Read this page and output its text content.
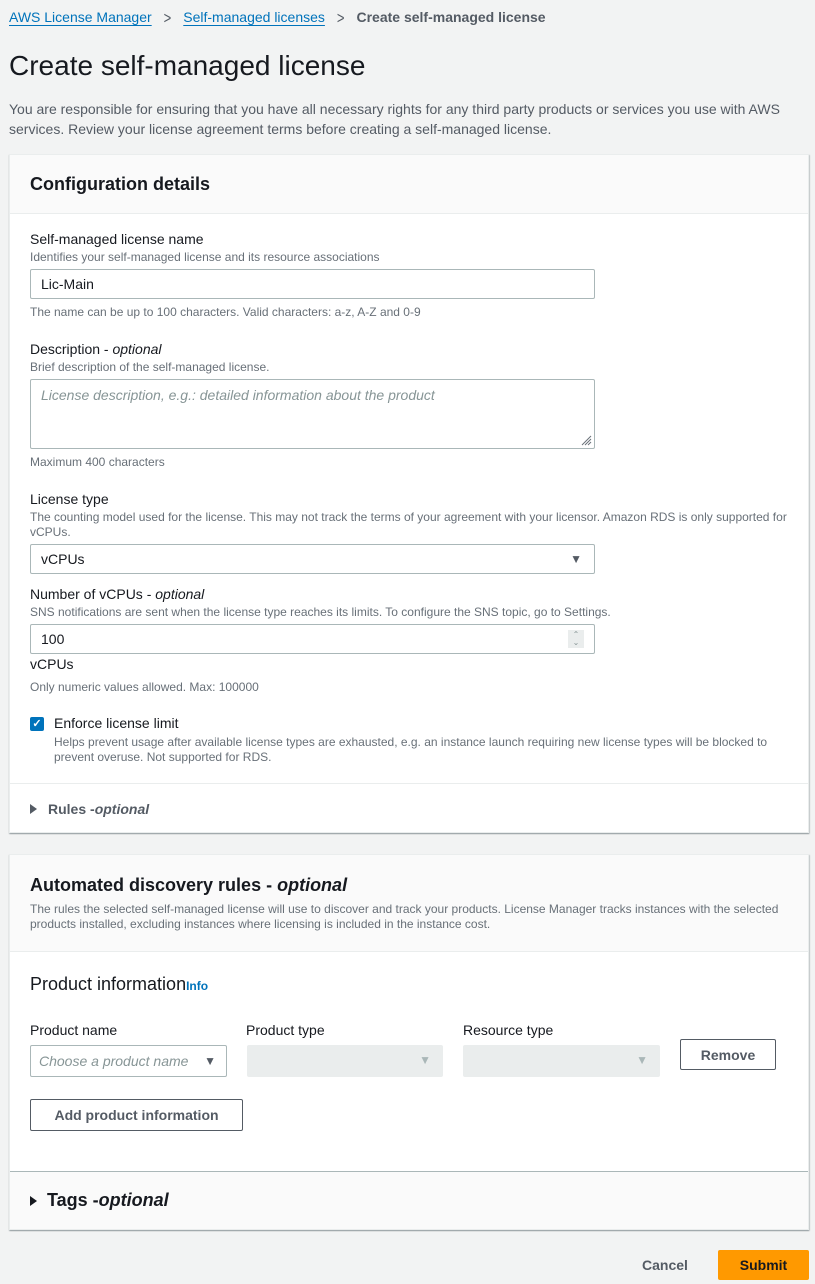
AWS License Manager > Self-managed licenses > Create self-managed license
Create self-managed license

You are responsible for ensuring that you have all necessary rights for any third party products or services you use with AWS services. Review your license agreement terms before creating a self-managed license.

Configuration details
Self-managed license name
Identifies your self-managed license and its resource associations
Lic-Main
The name can be up to 100 characters. Valid characters: a-z, A-Z and 0-9
Description - optional
Brief description of the self-managed license.
License description, e.g.: detailed information about the product
Maximum 400 characters
License type
The counting model used for the license. This may not track the terms of your agreement with your licensor. Amazon RDS is only supported for vCPUs.
vCPUs	▼
Number of vCPUs - optional
SNS notifications are sent when the license type reaches its limits. To configure the SNS topic, go to Settings.
100	⌃
⌄
vCPUs
Only numeric values allowed. Max: 100000
✓ Enforce license limit
Helps prevent usage after available license types are exhausted, e.g. an instance launch requiring new license types will be blocked to prevent overuse. Not supported for RDS.
Rules - optional
Automated discovery rules - optional
The rules the selected self-managed license will use to discover and track your products. License Manager tracks instances with the selected products installed, excluding instances where licensing is included in the instance cost.
Product informationInfo
Product name	Product type	Resource type
Choose a product name ▼	▼	▼	Remove
Add product information
Tags - optional
Cancel	Submit
